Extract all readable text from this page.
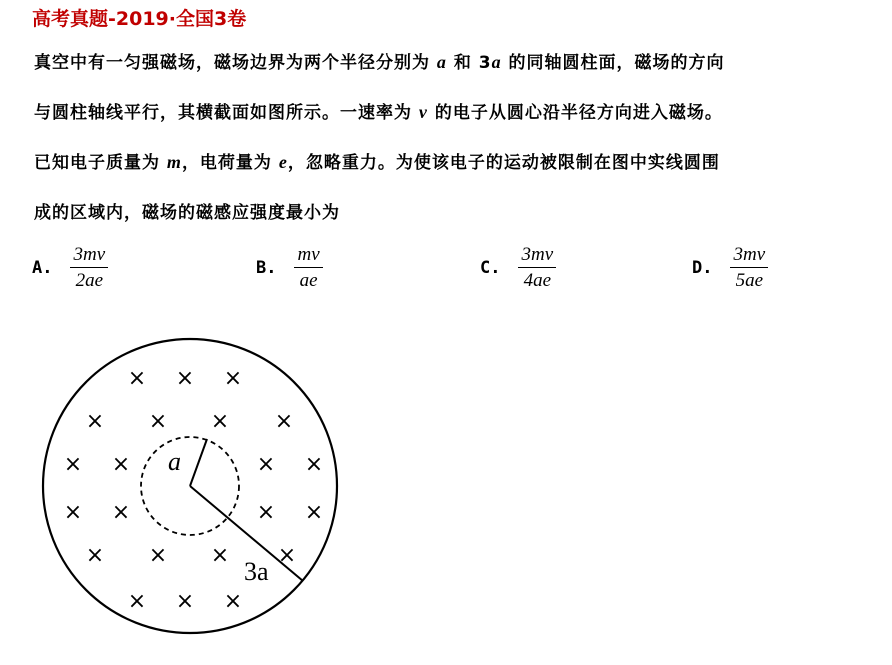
高考真题-2019·全国3卷
真空中有一匀强磁场，磁场边界为两个半径分别为 a 和 3a 的同轴圆柱面，磁场的方向
与圆柱轴线平行，其横截面如图所示。一速率为 v 的电子从圆心沿半径方向进入磁场。
已知电子质量为 m，电荷量为 e，忽略重力。为使该电子的运动被限制在图中实线圆围
成的区域内，磁场的磁感应强度最小为
A. $\frac{3mv}{2ae}$	B. $\frac{mv}{ae}$	C. $\frac{3mv}{4ae}$	D. $\frac{3mv}{5ae}$
a
3a
× × ×
× × × ×
× ×	× ×
× ×	× ×
× × × ×
× × ×
